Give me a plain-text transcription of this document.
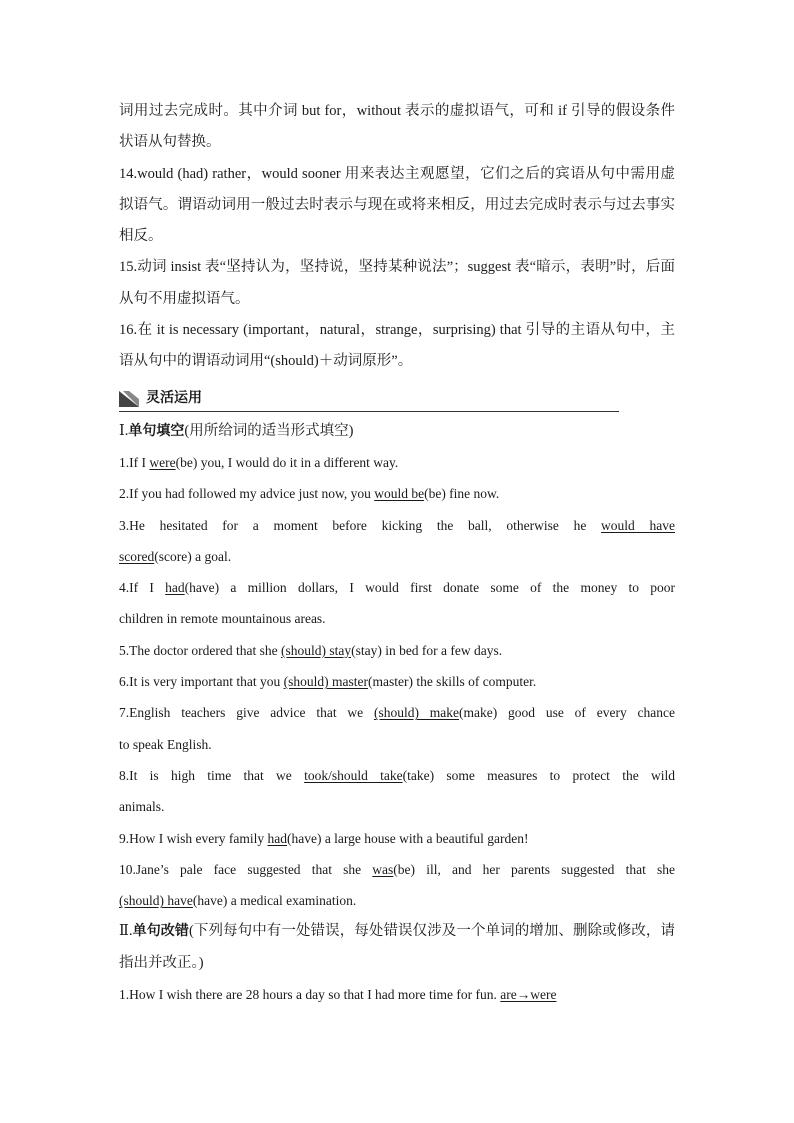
词用过去完成时。其中介词 but for，without 表示的虚拟语气，可和 if 引导的假设条件状语从句替换。

14.would (had) rather，would sooner 用来表达主观愿望，它们之后的宾语从句中需用虚拟语气。谓语动词用一般过去时表示与现在或将来相反，用过去完成时表示与过去事实相反。

15.动词 insist 表“坚持认为，坚持说，坚持某种说法”；suggest 表“暗示，表明”时，后面从句不用虚拟语气。

16.在 it is necessary (important，natural，strange，surprising) that 引导的主语从句中，主语从句中的谓语动词用“(should)＋动词原形”。

灵活运用

Ⅰ.单句填空(用所给词的适当形式填空)

1.If I were(be) you, I would do it in a different way.

2.If you had followed my advice just now, you would be(be) fine now.

3.He hesitated for a moment before kicking the ball, otherwise he would have

scored(score) a goal.

4.If I had(have) a million dollars, I would first donate some of the money to poor

children in remote mountainous areas.

5.The doctor ordered that she (should) stay(stay) in bed for a few days.

6.It is very important that you (should) master(master) the skills of computer.

7.English teachers give advice that we (should) make(make) good use of every chance

to speak English.

8.It is high time that we took/should take(take) some measures to protect the wild

animals.

9.How I wish every family had(have) a large house with a beautiful garden!

10.Jane’s pale face suggested that she was(be) ill, and her parents suggested that she

(should) have(have) a medical examination.

Ⅱ.单句改错(下列每句中有一处错误，每处错误仅涉及一个单词的增加、删除或修改，请指出并改正。)

1.How I wish there are 28 hours a day so that I had more time for fun. are→were
